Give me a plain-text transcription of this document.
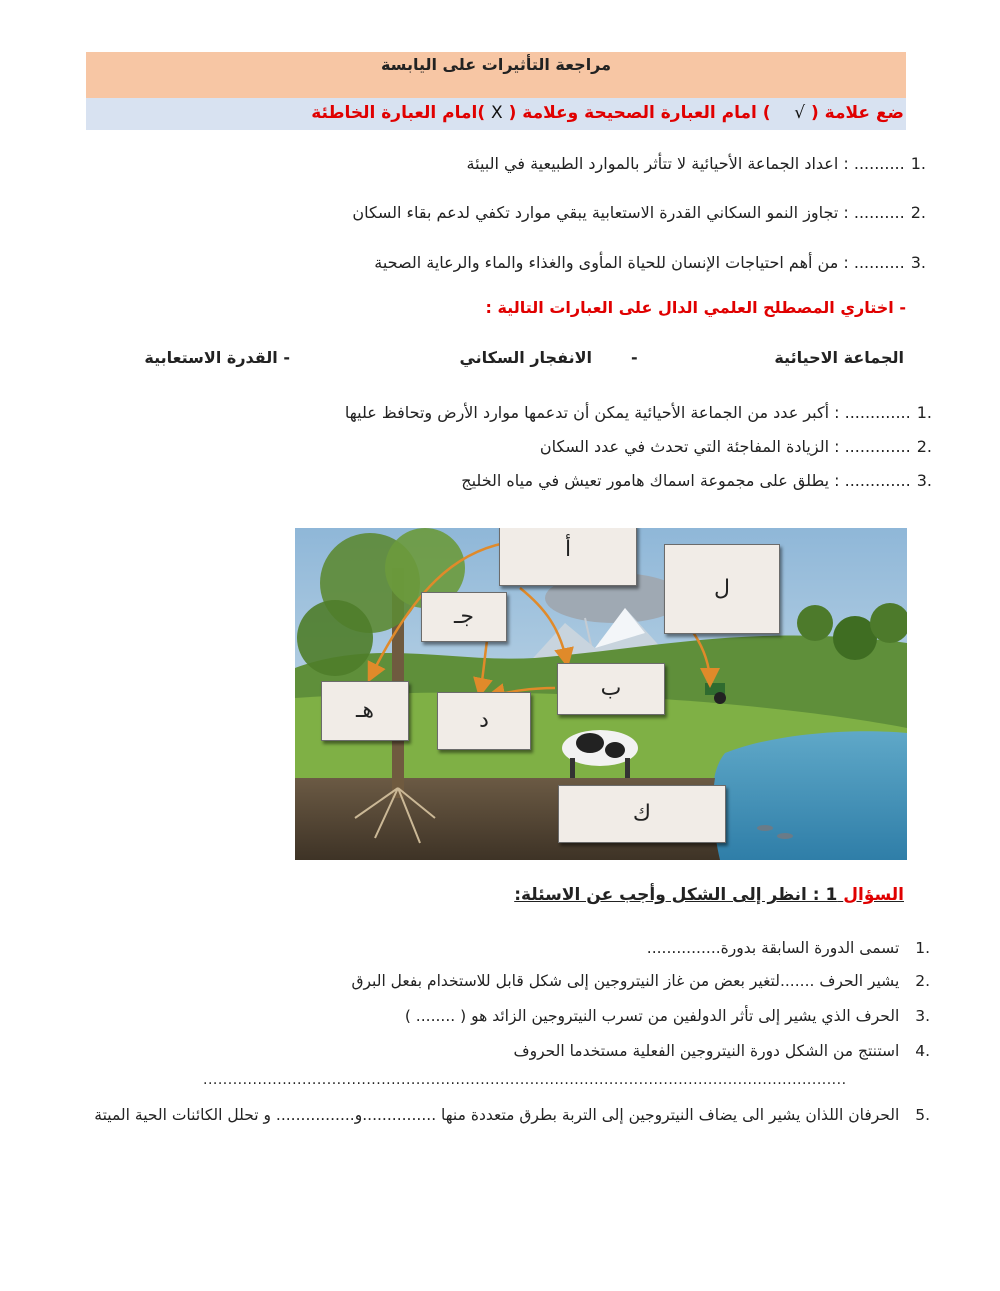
مراجعة التأثيرات على اليابسة
ضع علامة ( √    ) امام العبارة الصحيحة وعلامة ( X )امام العبارة الخاطئة
.1.......... : اعداد الجماعة الأحيائية لا تتأثر بالموارد الطبيعية في البيئة
.2.......... : تجاوز النمو السكاني القدرة الاستعابية يبقي موارد تكفي لدعم بقاء السكان
.3.......... : من أهم احتياجات الإنسان للحياة المأوى والغذاء والماء والرعاية الصحية
- اختاري المصطلح العلمي الدال على العبارات التالية :
الجماعة الاحيائية
-
الانفجار السكاني
- القدرة الاستعابية
.1............. : أكبر عدد من الجماعة الأحيائية يمكن أن تدعمها موارد الأرض وتحافظ عليها
.2............. : الزيادة المفاجئة التي تحدث في عدد السكان
.3............. : يطلق على مجموعة اسماك هامور تعيش في مياه الخليج
أ
ل
جـ
ب
هـ	د
ك
السؤال 1 : انظر إلى الشكل وأجب عن الاسئلة:
.1  تسمى الدورة السابقة بدورة...............
.2  يشير الحرف .......لتغير بعض من غاز النيتروجين إلى شكل قابل للاستخدام بفعل البرق
.3  الحرف الذي يشير إلى تأثر الدولفين من تسرب النيتروجين الزائد هو ( ........ )
.4  استنتج من الشكل دورة النيتروجين الفعلية مستخدما الحروف
..................................................................................................................................
.5  الحرفان اللذان يشير الى يضاف النيتروجين إلى التربة بطرق متعددة منها ...............و................ و تحلل الكائنات الحية الميتة
